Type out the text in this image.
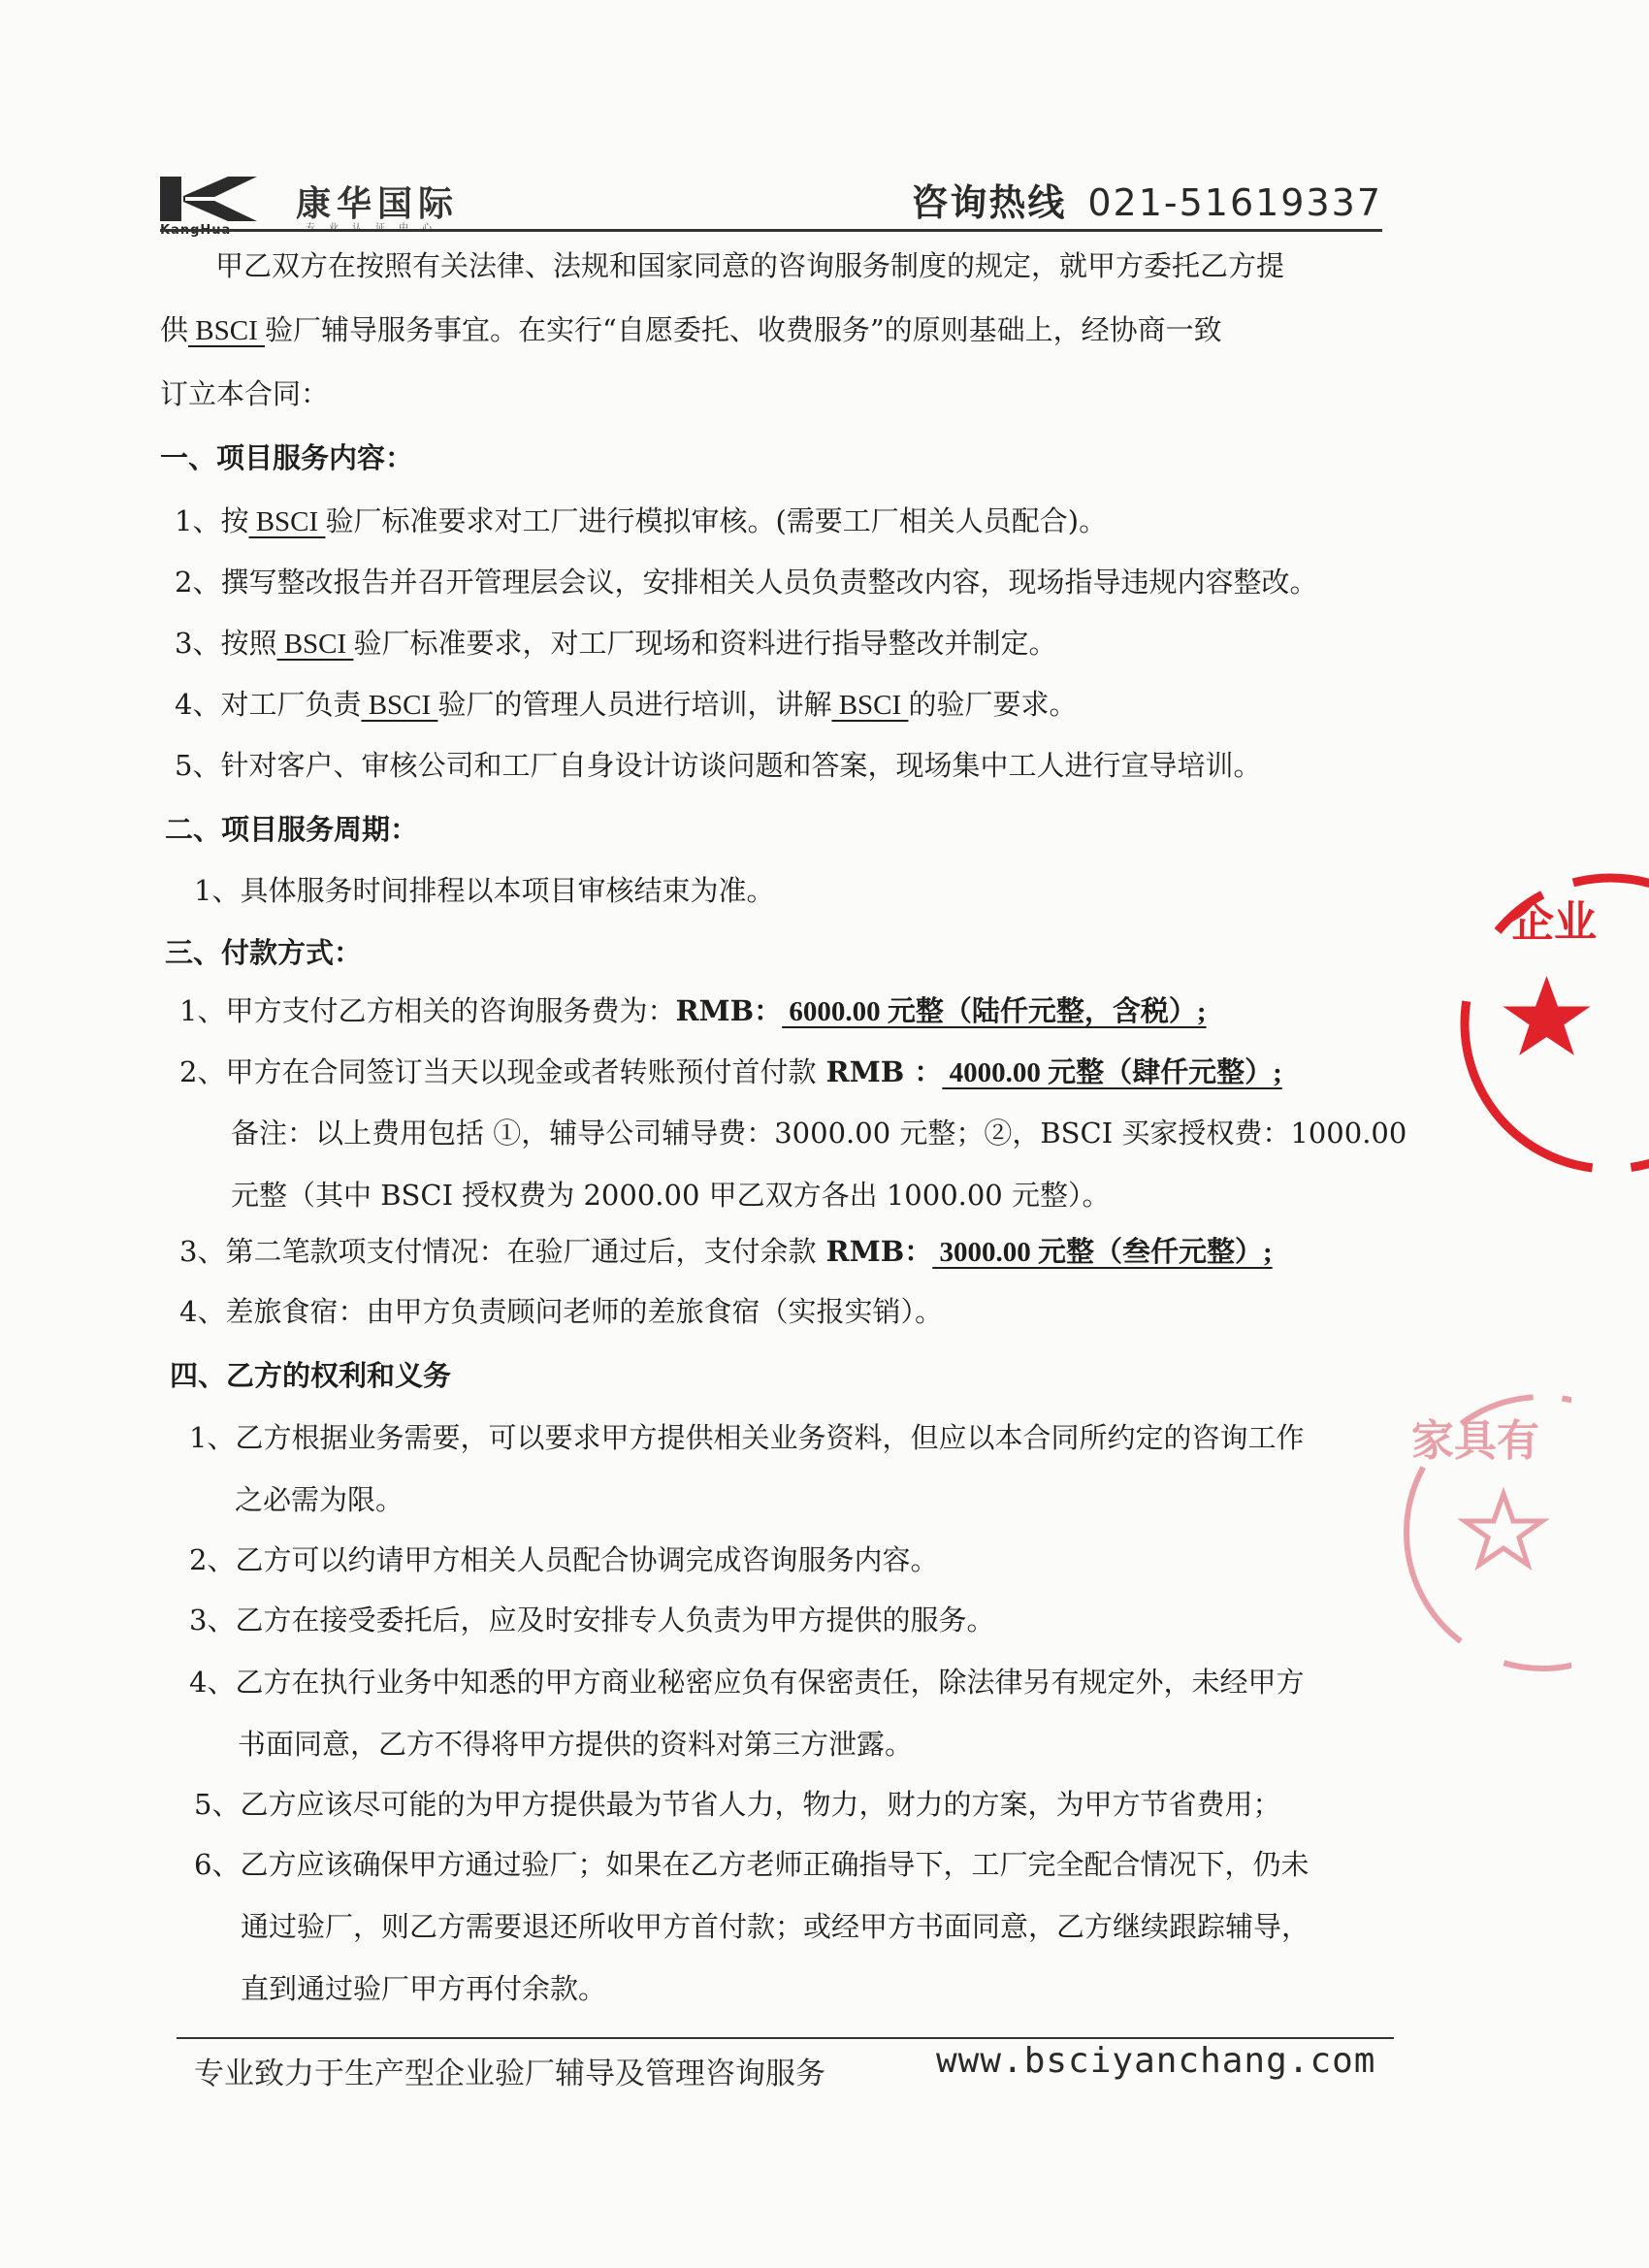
KangHua
康华国际
专业认证中心
咨询热线 021-51619337
甲乙双方在按照有关法律、法规和国家同意的咨询服务制度的规定，就甲方委托乙方提
供 BSCI 验厂辅导服务事宜。在实行“自愿委托、收费服务”的原则基础上，经协商一致
订立本合同：
一、项目服务内容：
1、按 BSCI 验厂标准要求对工厂进行模拟审核。(需要工厂相关人员配合)。
2、撰写整改报告并召开管理层会议，安排相关人员负责整改内容，现场指导违规内容整改。
3、按照 BSCI 验厂标准要求，对工厂现场和资料进行指导整改并制定。
4、对工厂负责 BSCI 验厂的管理人员进行培训，讲解 BSCI 的验厂要求。
5、针对客户、审核公司和工厂自身设计访谈问题和答案，现场集中工人进行宣导培训。
二、项目服务周期：
1、具体服务时间排程以本项目审核结束为准。
三、付款方式：
1、甲方支付乙方相关的咨询服务费为：RMB： 6000.00 元整（陆仟元整，含税）;
2、甲方在合同签订当天以现金或者转账预付首付款 RMB ： 4000.00 元整（肆仟元整）;
备注：以上费用包括 ①，辅导公司辅导费：3000.00 元整；②，BSCI 买家授权费：1000.00
元整（其中 BSCI 授权费为 2000.00 甲乙双方各出 1000.00 元整）。
3、第二笔款项支付情况：在验厂通过后，支付余款 RMB： 3000.00 元整（叁仟元整）;
4、差旅食宿：由甲方负责顾问老师的差旅食宿（实报实销）。
四、乙方的权利和义务
1、乙方根据业务需要，可以要求甲方提供相关业务资料，但应以本合同所约定的咨询工作
之必需为限。
2、乙方可以约请甲方相关人员配合协调完成咨询服务内容。
3、乙方在接受委托后，应及时安排专人负责为甲方提供的服务。
4、乙方在执行业务中知悉的甲方商业秘密应负有保密责任，除法律另有规定外，未经甲方
书面同意，乙方不得将甲方提供的资料对第三方泄露。
5、乙方应该尽可能的为甲方提供最为节省人力，物力，财力的方案，为甲方节省费用；
6、乙方应该确保甲方通过验厂；如果在乙方老师正确指导下，工厂完全配合情况下，仍未
通过验厂，则乙方需要退还所收甲方首付款；或经甲方书面同意，乙方继续跟踪辅导，
直到通过验厂甲方再付余款。
企业
家具有
专业致力于生产型企业验厂辅导及管理咨询服务	www.bsciyanchang.com
